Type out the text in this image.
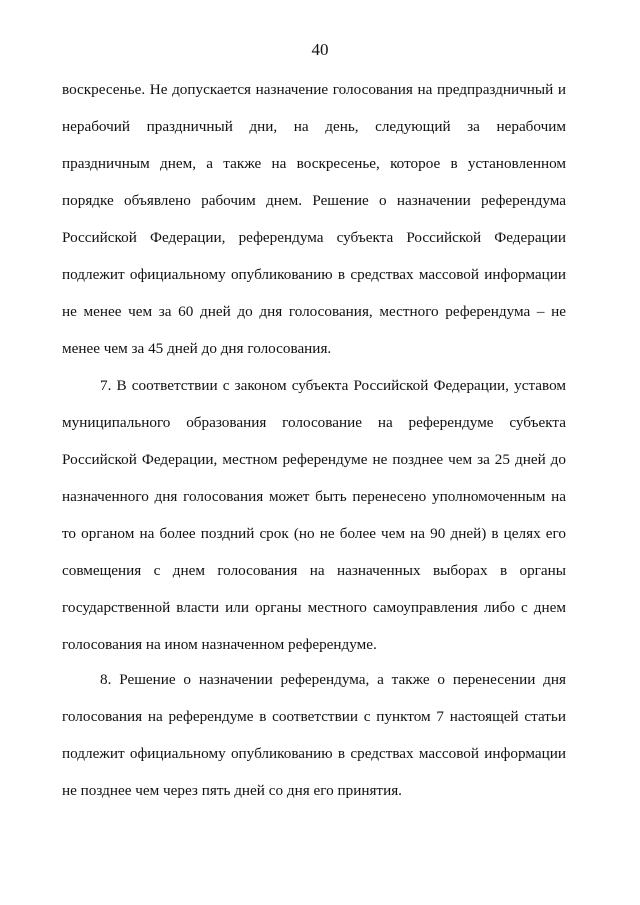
40
воскресенье. Не допускается назначение голосования на предпраздничный и
нерабочий праздничный дни, на день, следующий за нерабочим
праздничным днем, а также на воскресенье, которое в установленном
порядке объявлено рабочим днем. Решение о назначении референдума
Российской Федерации, референдума субъекта Российской Федерации
подлежит официальному опубликованию в средствах массовой информации
не менее чем за 60 дней до дня голосования, местного референдума – не
менее чем за 45 дней до дня голосования.
7. В соответствии с законом субъекта Российской Федерации, уставом
муниципального образования голосование на референдуме субъекта
Российской Федерации, местном референдуме не позднее чем за 25 дней до
назначенного дня голосования может быть перенесено уполномоченным на
то органом на более поздний срок (но не более чем на 90 дней) в целях его
совмещения с днем голосования на назначенных выборах в органы
государственной власти или органы местного самоуправления либо с днем
голосования на ином назначенном референдуме.
8. Решение о назначении референдума, а также о перенесении дня
голосования на референдуме в соответствии с пунктом 7 настоящей статьи
подлежит официальному опубликованию в средствах массовой информации
не позднее чем через пять дней со дня его принятия.
